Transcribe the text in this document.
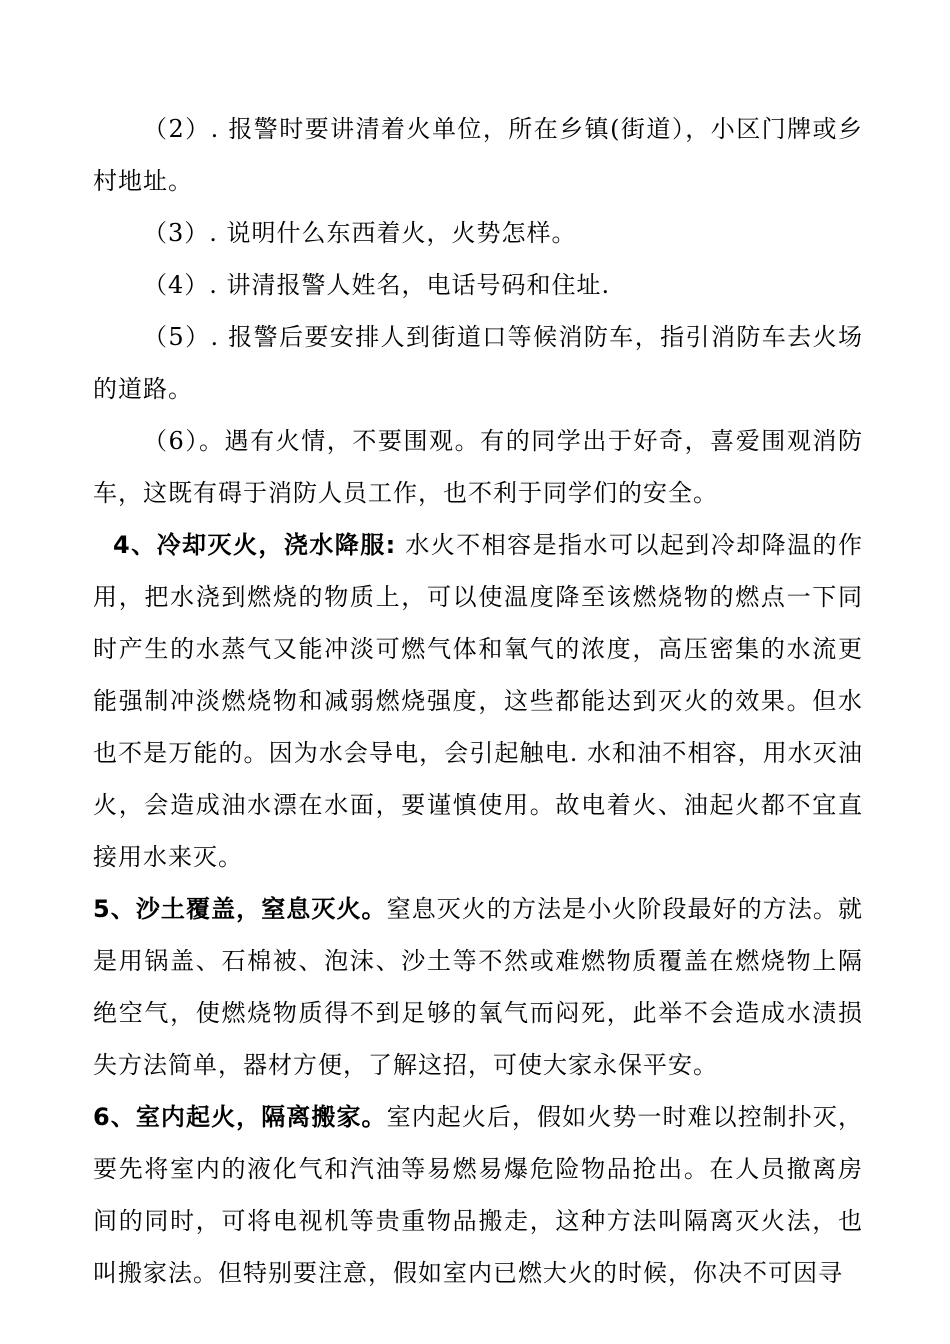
（2）. 报警时要讲清着火单位，所在乡镇(街道），小区门牌或乡村地址。

（3）. 说明什么东西着火，火势怎样。

（4）. 讲清报警人姓名，电话号码和住址.

（5）. 报警后要安排人到街道口等候消防车，指引消防车去火场的道路。

（6）。遇有火情，不要围观。有的同学出于好奇，喜爱围观消防车，这既有碍于消防人员工作，也不利于同学们的安全。

4、冷却灭火，浇水降服: 水火不相容是指水可以起到冷却降温的作用，把水浇到燃烧的物质上，可以使温度降至该燃烧物的燃点一下同时产生的水蒸气又能冲淡可燃气体和氧气的浓度，高压密集的水流更能强制冲淡燃烧物和减弱燃烧强度，这些都能达到灭火的效果。但水也不是万能的。因为水会导电，会引起触电. 水和油不相容，用水灭油火，会造成油水漂在水面，要谨慎使用。故电着火、油起火都不宜直接用水来灭。

5、沙土覆盖，窒息灭火。窒息灭火的方法是小火阶段最好的方法。就是用锅盖、石棉被、泡沫、沙土等不然或难燃物质覆盖在燃烧物上隔绝空气，使燃烧物质得不到足够的氧气而闷死，此举不会造成水渍损失方法简单，器材方便，了解这招，可使大家永保平安。

6、室内起火，隔离搬家。室内起火后，假如火势一时难以控制扑灭，要先将室内的液化气和汽油等易燃易爆危险物品抢出。在人员撤离房间的同时，可将电视机等贵重物品搬走，这种方法叫隔离灭火法，也叫搬家法。但特别要注意，假如室内已燃大火的时候，你决不可因寻
